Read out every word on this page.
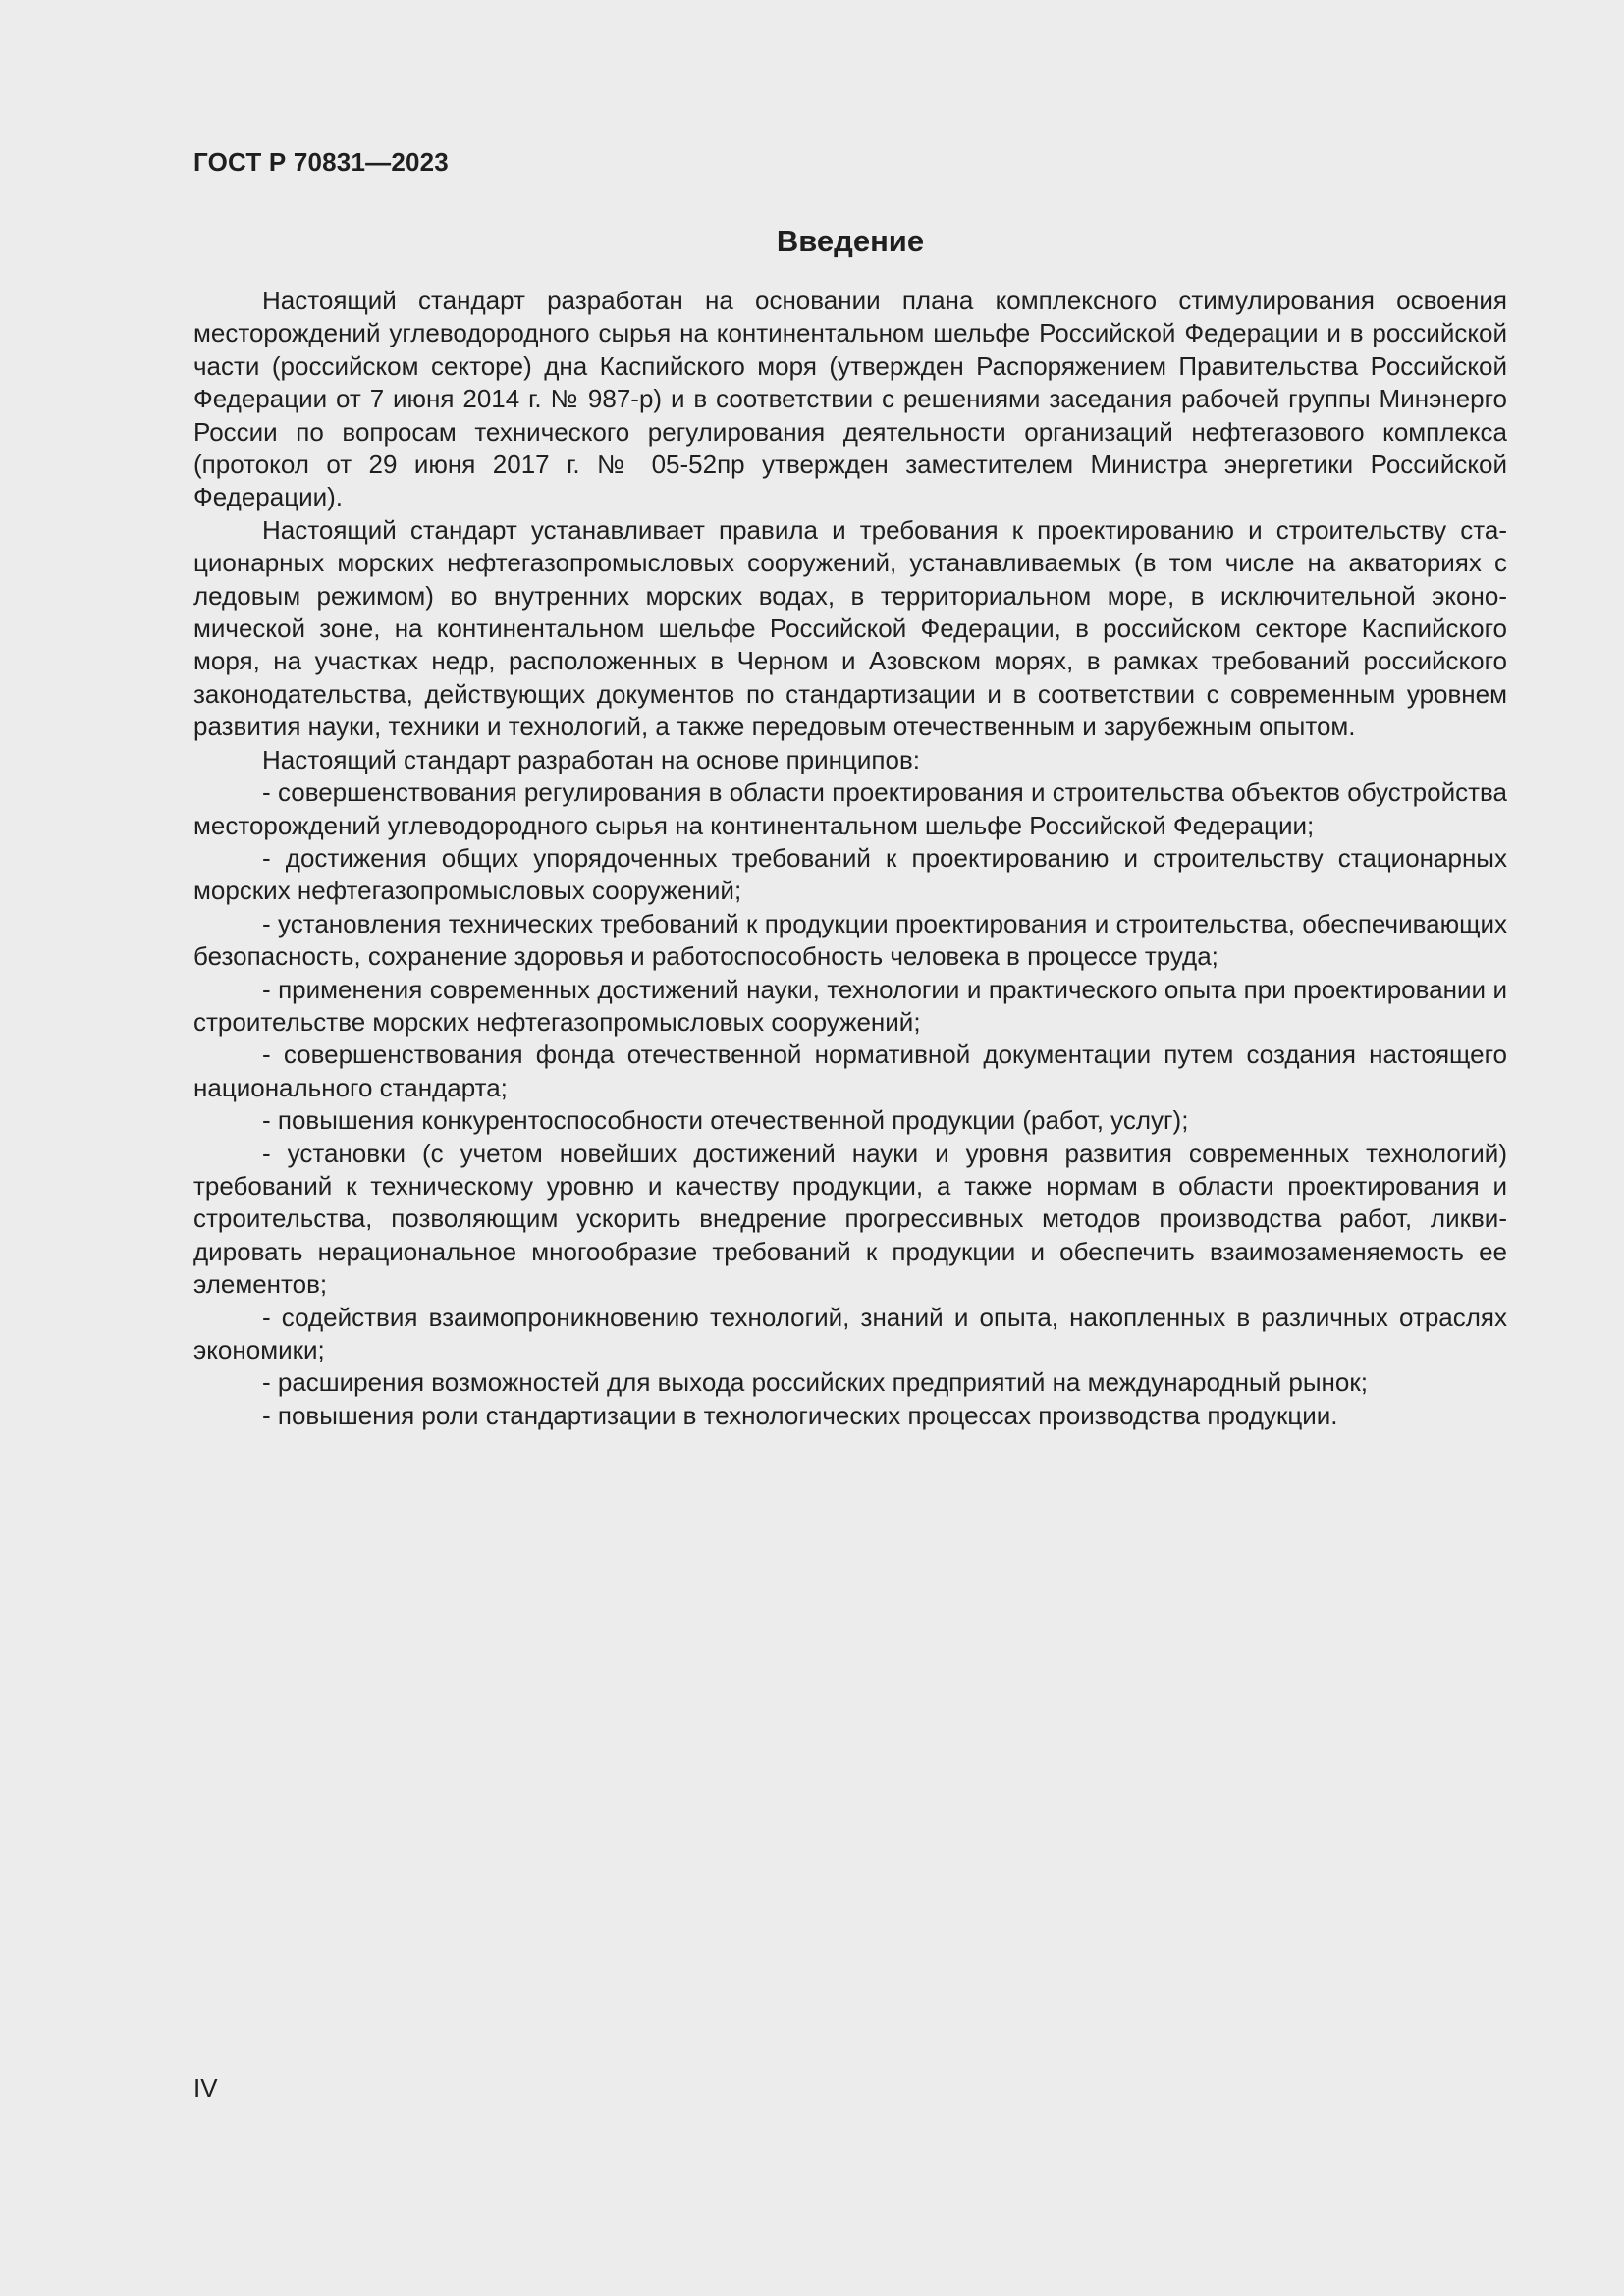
ГОСТ Р 70831—2023
Введение

Настоящий стандарт разработан на основании плана комплексного стимулирования освоения месторождений углеводородного сырья на континентальном шельфе Российской Федерации и в российской части (российском секторе) дна Каспийского моря (утвержден Распоряжением Правительства Российской Федерации от 7 июня 2014 г. № 987-р) и в соответствии с решениями заседания рабочей группы Минэнерго России по вопросам технического регулирования деятельности организаций нефтегазового комплекса (протокол от 29 июня 2017 г. № 05-52пр утвержден заместителем Министра энергетики Российской Федерации).

Настоящий стандарт устанавливает правила и требования к проектированию и строительству стационарных морских нефтегазопромысловых сооружений, устанавливаемых (в том числе на акваториях с ледовым режимом) во внутренних морских водах, в территориальном море, в исключительной экономической зоне, на континентальном шельфе Российской Федерации, в российском секторе Каспийского моря, на участках недр, расположенных в Черном и Азовском морях, в рамках требований российского законодательства, действующих документов по стандартизации и в соответствии с современным уровнем развития науки, техники и технологий, а также передовым отечественным и зарубежным опытом.

Настоящий стандарт разработан на основе принципов:

- совершенствования регулирования в области проектирования и строительства объектов обустройства месторождений углеводородного сырья на континентальном шельфе Российской Федерации;

- достижения общих упорядоченных требований к проектированию и строительству стационарных морских нефтегазопромысловых сооружений;

- установления технических требований к продукции проектирования и строительства, обеспечивающих безопасность, сохранение здоровья и работоспособность человека в процессе труда;

- применения современных достижений науки, технологии и практического опыта при проектировании и строительстве морских нефтегазопромысловых сооружений;

- совершенствования фонда отечественной нормативной документации путем создания настоящего национального стандарта;

- повышения конкурентоспособности отечественной продукции (работ, услуг);

- установки (с учетом новейших достижений науки и уровня развития современных технологий) требований к техническому уровню и качеству продукции, а также нормам в области проектирования и строительства, позволяющим ускорить внедрение прогрессивных методов производства работ, ликвидировать нерациональное многообразие требований к продукции и обеспечить взаимозаменяемость ее элементов;

- содействия взаимопроникновению технологий, знаний и опыта, накопленных в различных отраслях экономики;

- расширения возможностей для выхода российских предприятий на международный рынок;

- повышения роли стандартизации в технологических процессах производства продукции.

IV
